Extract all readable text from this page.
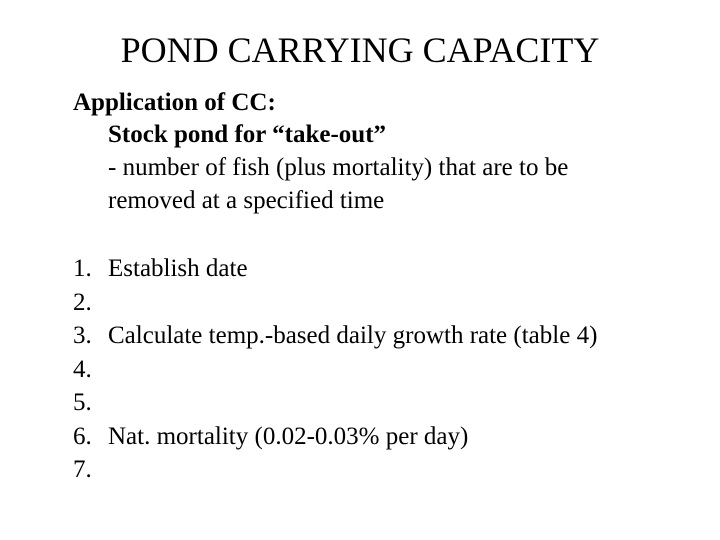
POND CARRYING CAPACITY
Application of CC:
Stock pond for “take-out”
- number of fish (plus mortality) that are to be
removed at a specified time
1. Establish date
2.
3. Calculate temp.-based daily growth rate (table 4)
4.
5.
6. Nat. mortality (0.02-0.03% per day)
7.
